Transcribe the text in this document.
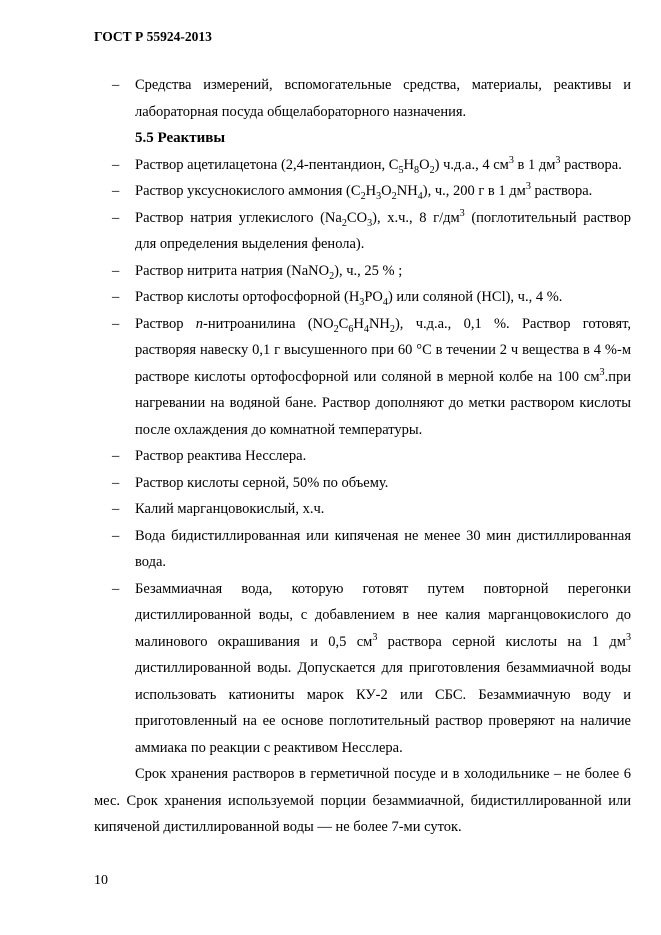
ГОСТ Р 55924-2013
– Средства измерений, вспомогательные средства, материалы, реактивы и лабораторная посуда общелабораторного назначения.
5.5 Реактивы
– Раствор ацетилацетона (2,4-пентандион, $C_5H_8O_2$) ч.д.а., 4 $см^3$ в 1 $дм^3$ раствора.
– Раствор уксуснокислого аммония $(C_2H_3O_2NH_4)$, ч., 200 г в 1 $дм^3$ раствора.
– Раствор натрия углекислого $(Na_2CO_3)$, х.ч., 8 $г/дм^3$ (поглотительный раствор для определения выделения фенола).
– Раствор нитрита натрия (NaNO$_2$), ч., 25 % ;
– Раствор кислоты ортофосфорной $(H_3PO_4)$ или соляной (HCl), ч., 4 %.
– Раствор n-нитроанилина $(NO_2C_6H_4NH_2)$, ч.д.а., 0,1 %. Раствор готовят, растворяя навеску 0,1 г высушенного при 60 °С в течении 2 ч вещества в 4 %-м растворе кислоты ортофосфорной или соляной в мерной колбе на 100 $см^3.при$ нагревании на водяной бане. Раствор дополняют до метки раствором кислоты после охлаждения до комнатной температуры.
– Раствор реактива Несслера.
– Раствор кислоты серной, 50% по объему.
– Калий марганцовокислый, х.ч.
– Вода бидистиллированная или кипяченая не менее 30 мин дистиллированная вода.
– Безаммиачная вода, которую готовят путем повторной перегонки дистиллированной воды, с добавлением в нее калия марганцовокислого до малинового окрашивания и 0,5 $см^3$ раствора серной кислоты на 1 $дм^3$ дистиллированной воды. Допускается для приготовления безаммиачной воды использовать катиониты марок КУ-2 или СБС. Безаммиачную воду и приготовленный на ее основе поглотительный раствор проверяют на наличие аммиака по реакции с реактивом Несслера.
Срок хранения растворов в герметичной посуде и в холодильнике – не более 6 мес. Срок хранения используемой порции безаммиачной, бидистиллированной или кипяченой дистиллированной воды — не более 7-ми суток.
10
